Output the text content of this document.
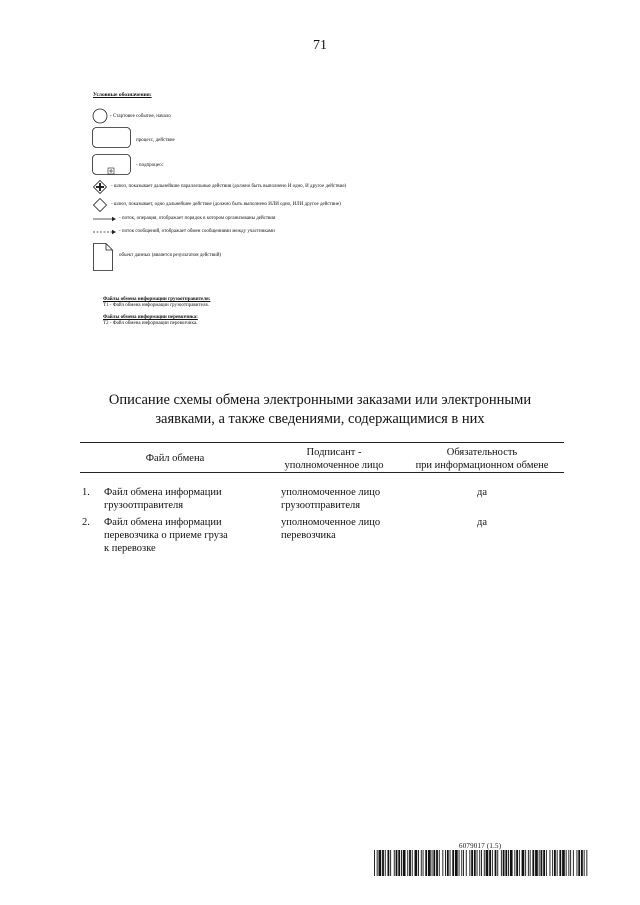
71
Условные обозначения:
- Стартовое событие, начало
процесс, действие
- подпроцесс
- шлюз, показывает дальнейшие параллельные действия (должно быть выполнено И одно, И другое действие)
- шлюз, показывает, одно дальнейшее действие (должно быть выполнено ИЛИ одно, ИЛИ другое действие)
- поток, операция, отображает порядок в котором организованы действия
- поток сообщений, отображает обмен сообщениями между участниками
объект данных (является результатом действий)
Файлы обмена информации грузоотправителя:
Т1 - Файл обмена информации грузоотправителя.
Файлы обмена информации перевозчика:
Т2 - Файл обмена информации перевозчика.
Описание схемы обмена электронными заказами или электронными
заявками, а также сведениями, содержащимися в них
Файл обмена
Подписант -
уполномоченное лицо
Обязательность
при информационном обмене
1. Файл обмена информации
грузоотправителя
уполномоченное лицо
грузоотправителя
да
2. Файл обмена информации
перевозчика о приеме груза
к перевозке
уполномоченное лицо
перевозчика
да
6079017 (1.5)
